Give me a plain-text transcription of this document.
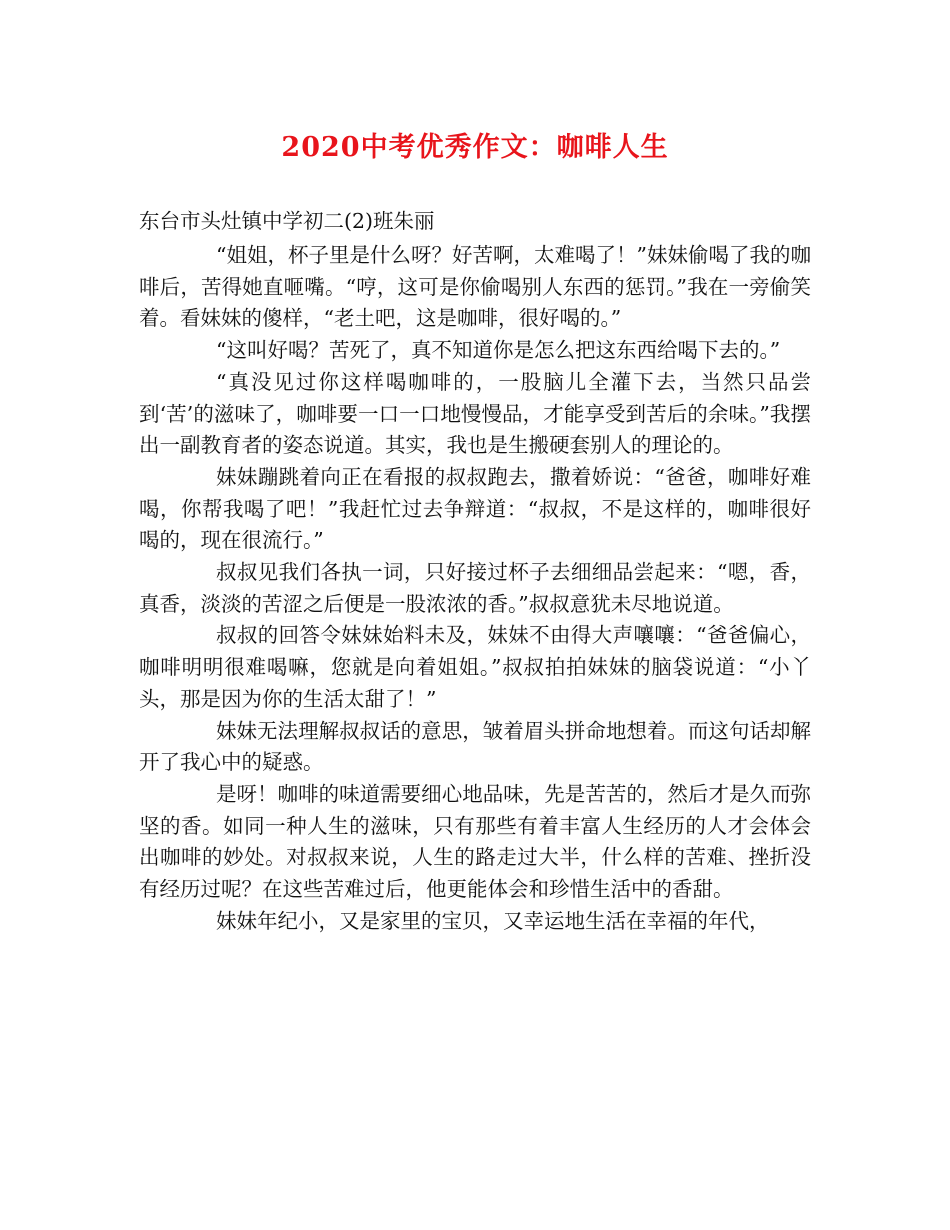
2020中考优秀作文：咖啡人生
东台市头灶镇中学初二(2)班朱丽

“姐姐，杯子里是什么呀？好苦啊，太难喝了！”妹妹偷喝了我的咖啡后，苦得她直咂嘴。“哼，这可是你偷喝别人东西的惩罚。”我在一旁偷笑着。看妹妹的傻样，“老土吧，这是咖啡，很好喝的。”

“这叫好喝？苦死了，真不知道你是怎么把这东西给喝下去的。”

“真没见过你这样喝咖啡的，一股脑儿全灌下去，当然只品尝到‘苦’的滋味了，咖啡要一口一口地慢慢品，才能享受到苦后的余味。”我摆出一副教育者的姿态说道。其实，我也是生搬硬套别人的理论的。

妹妹蹦跳着向正在看报的叔叔跑去，撒着娇说：“爸爸，咖啡好难喝，你帮我喝了吧！”我赶忙过去争辩道：“叔叔，不是这样的，咖啡很好喝的，现在很流行。”

叔叔见我们各执一词，只好接过杯子去细细品尝起来：“嗯，香，真香，淡淡的苦涩之后便是一股浓浓的香。”叔叔意犹未尽地说道。

叔叔的回答令妹妹始料未及，妹妹不由得大声嚷嚷：“爸爸偏心，咖啡明明很难喝嘛，您就是向着姐姐。”叔叔拍拍妹妹的脑袋说道：“小丫头，那是因为你的生活太甜了！”

妹妹无法理解叔叔话的意思，皱着眉头拼命地想着。而这句话却解开了我心中的疑惑。

是呀！咖啡的味道需要细心地品味，先是苦苦的，然后才是久而弥坚的香。如同一种人生的滋味，只有那些有着丰富人生经历的人才会体会出咖啡的妙处。对叔叔来说，人生的路走过大半，什么样的苦难、挫折没有经历过呢？在这些苦难过后，他更能体会和珍惜生活中的香甜。

妹妹年纪小，又是家里的宝贝，又幸运地生活在幸福的年代，
